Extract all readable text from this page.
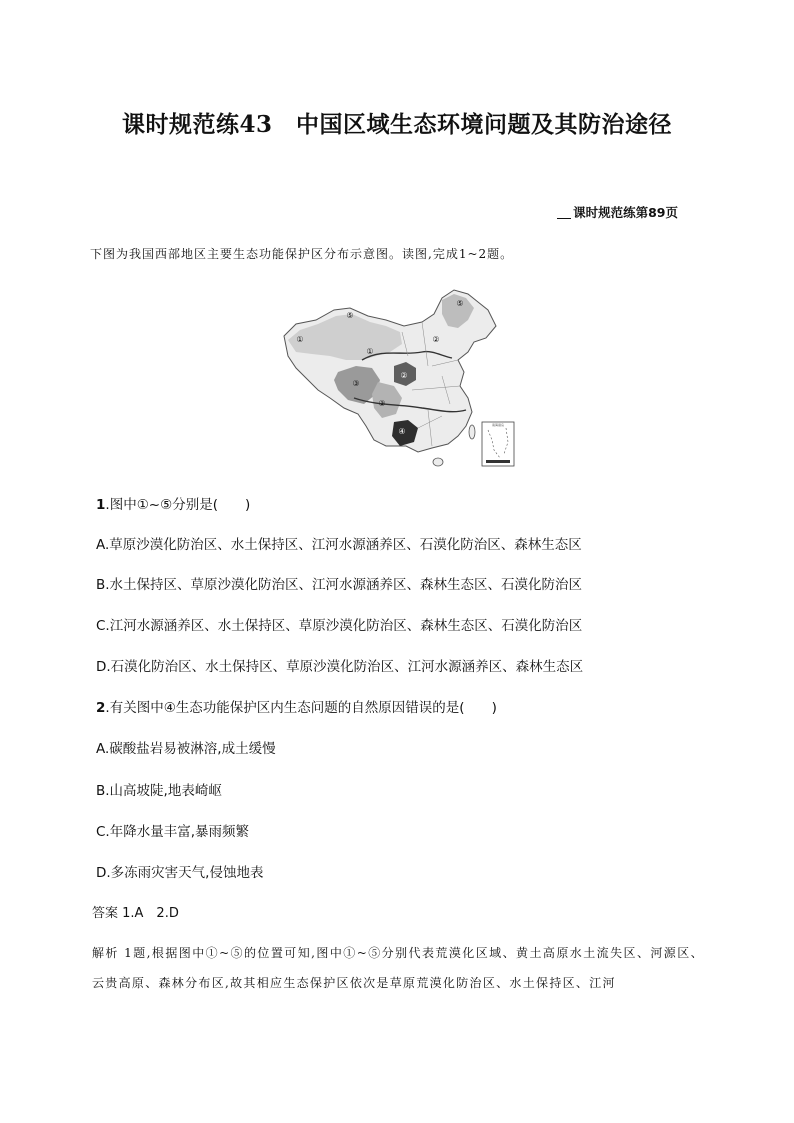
课时规范练43　中国区域生态环境问题及其防治途径
课时规范练第89页
下图为我国西部地区主要生态功能保护区分布示意图。读图,完成1~2题。
①
②
③
④
⑤
⑤
①
②
③
南海诸岛
1.图中①~⑤分别是(　　)
A.草原沙漠化防治区、水土保持区、江河水源涵养区、石漠化防治区、森林生态区
B.水土保持区、草原沙漠化防治区、江河水源涵养区、森林生态区、石漠化防治区
C.江河水源涵养区、水土保持区、草原沙漠化防治区、森林生态区、石漠化防治区
D.石漠化防治区、水土保持区、草原沙漠化防治区、江河水源涵养区、森林生态区
2.有关图中④生态功能保护区内生态问题的自然原因错误的是(　　)
A.碳酸盐岩易被淋溶,成土缓慢
B.山高坡陡,地表崎岖
C.年降水量丰富,暴雨频繁
D.多冻雨灾害天气,侵蚀地表
答案 1.A　2.D
解析 1题,根据图中①~⑤的位置可知,图中①~⑤分别代表荒漠化区域、黄土高原水土流失区、河源区、云贵高原、森林分布区,故其相应生态保护区依次是草原荒漠化防治区、水土保持区、江河
